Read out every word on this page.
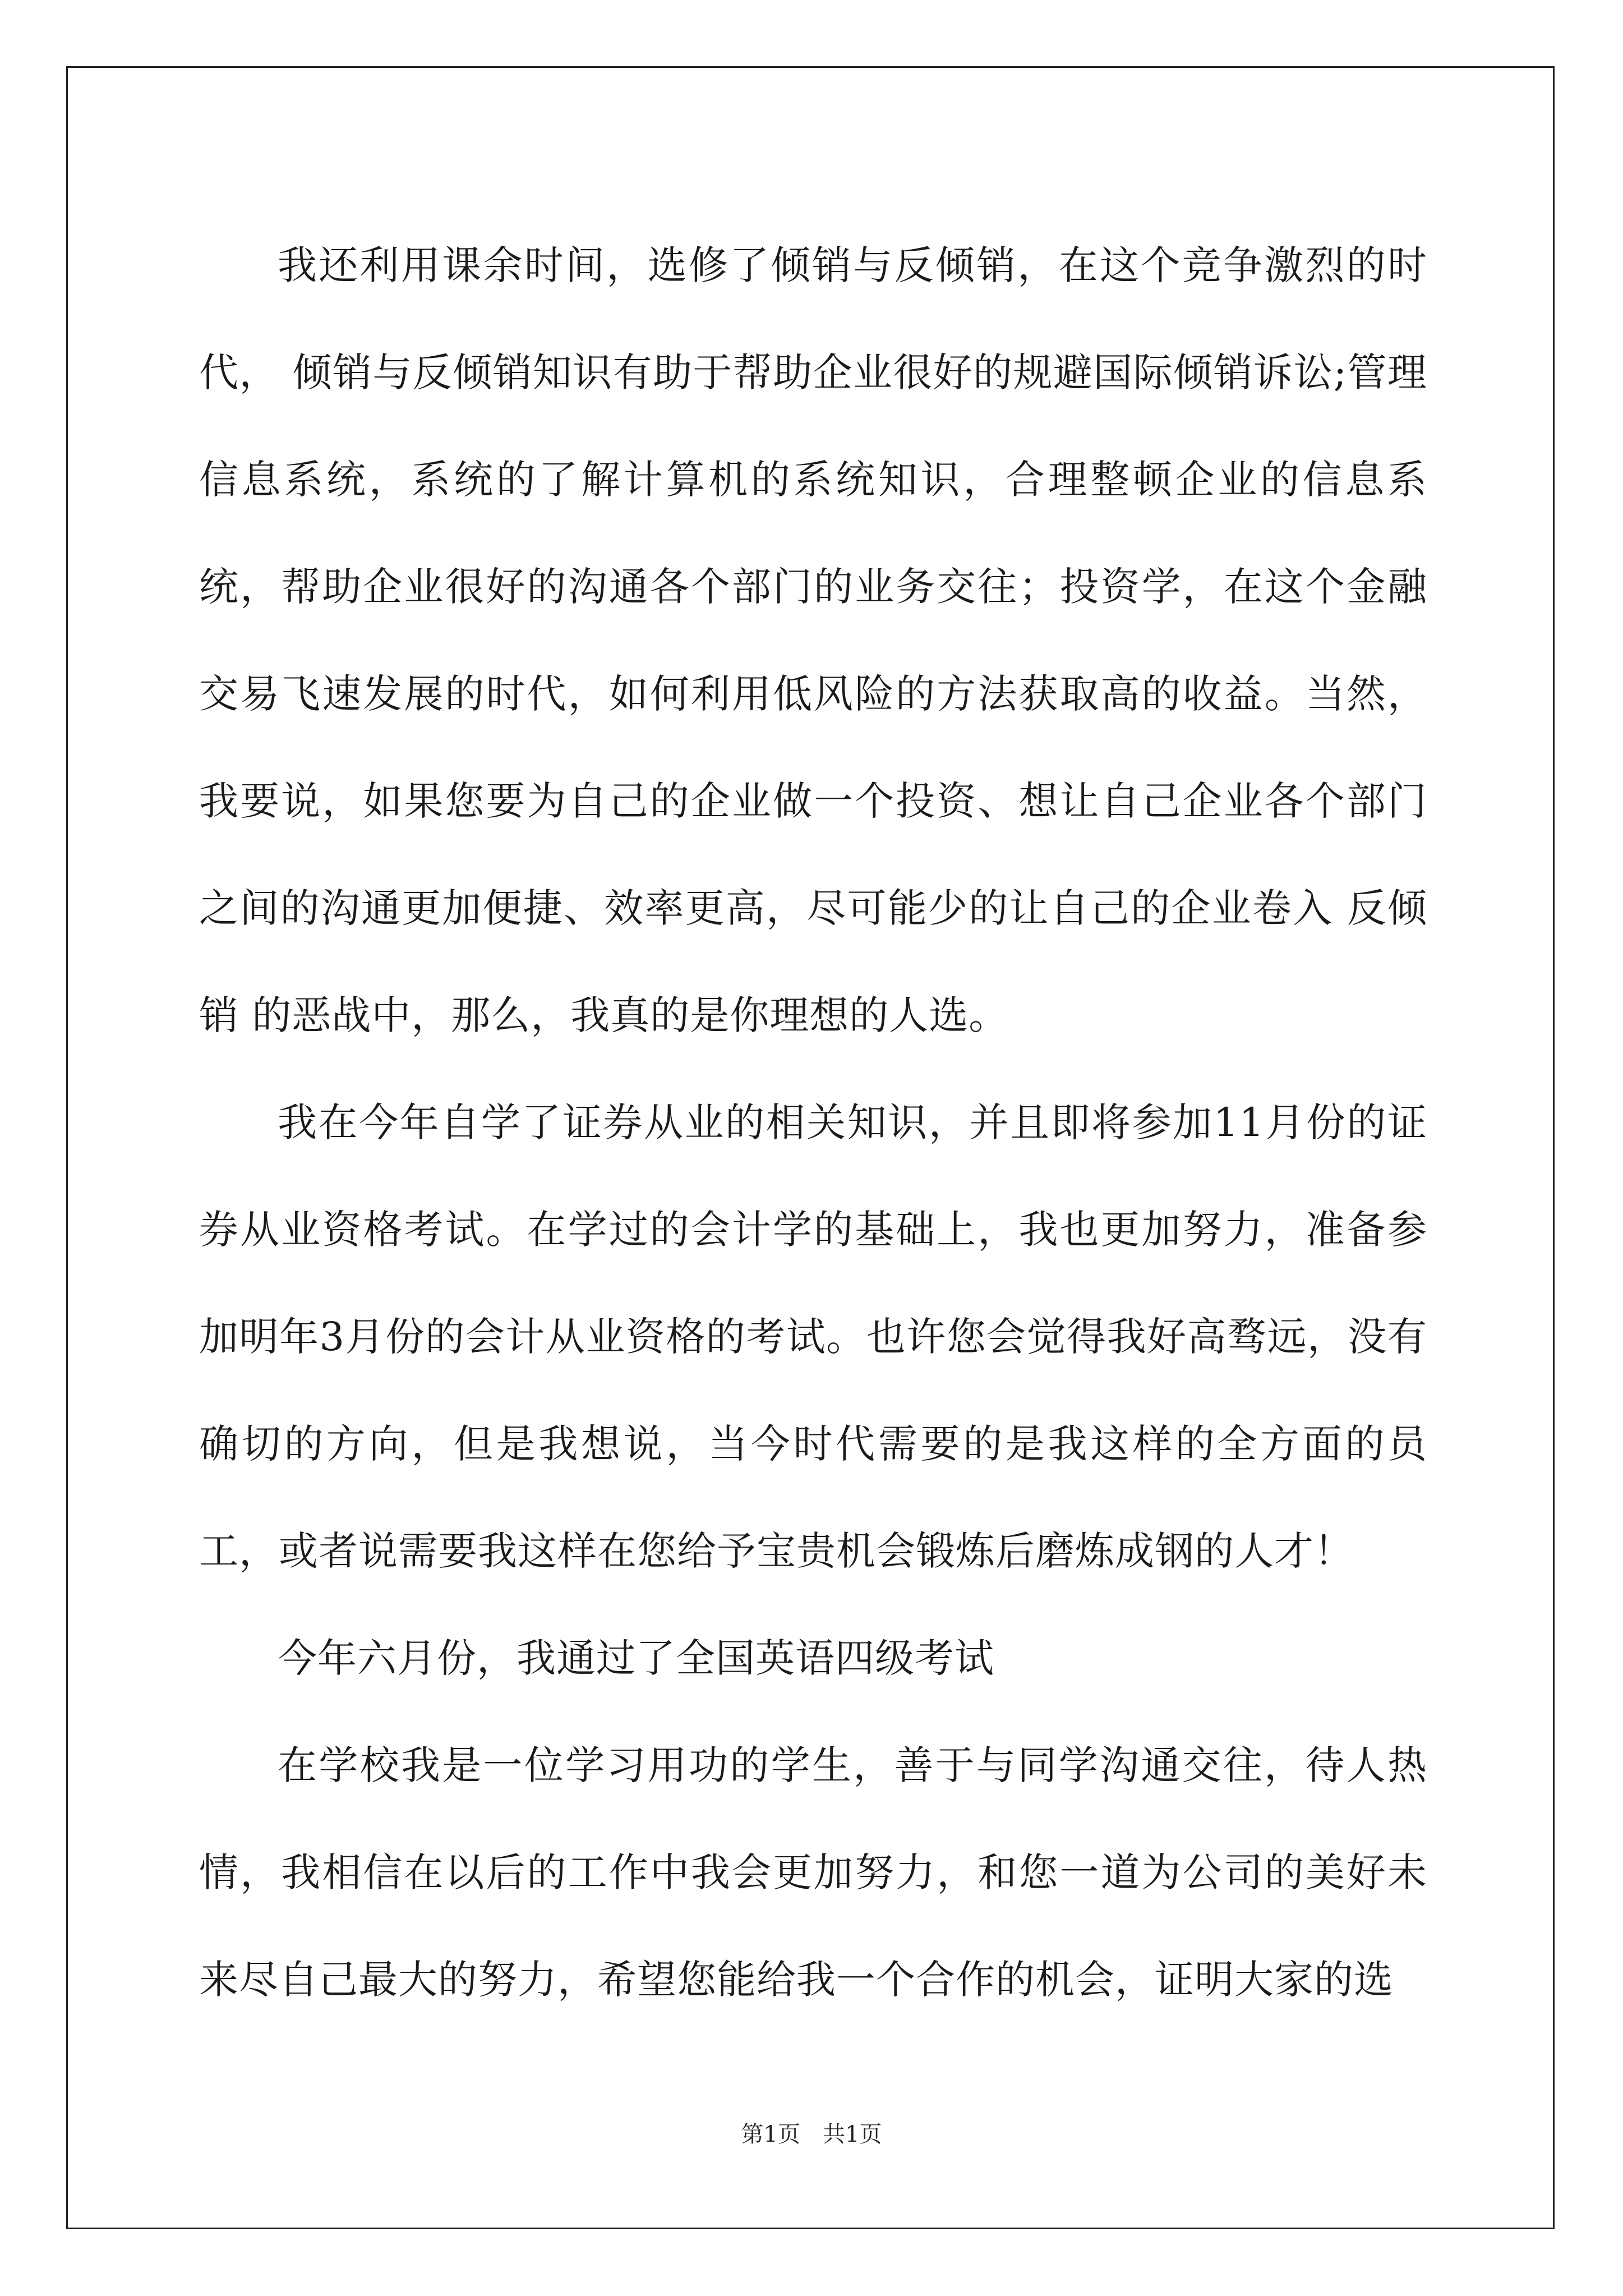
我还利用课余时间，选修了倾销与反倾销，在这个竞争激烈的时代， 倾销与反倾销知识有助于帮助企业很好的规避国际倾销诉讼;管理信息系统，系统的了解计算机的系统知识，合理整顿企业的信息系统，帮助企业很好的沟通各个部门的业务交往；投资学，在这个金融交易飞速发展的时代，如何利用低风险的方法获取高的收益。当然，我要说，如果您要为自己的企业做一个投资、想让自己企业各个部门之间的沟通更加便捷、效率更高，尽可能少的让自己的企业卷入 反倾销 的恶战中，那么，我真的是你理想的人选。

我在今年自学了证券从业的相关知识，并且即将参加11月份的证券从业资格考试。在学过的会计学的基础上，我也更加努力，准备参加明年3月份的会计从业资格的考试。也许您会觉得我好高骛远，没有确切的方向，但是我想说，当今时代需要的是我这样的全方面的员工，或者说需要我这样在您给予宝贵机会锻炼后磨炼成钢的人才！

今年六月份，我通过了全国英语四级考试

在学校我是一位学习用功的学生，善于与同学沟通交往，待人热情，我相信在以后的工作中我会更加努力，和您一道为公司的美好未来尽自己最大的努力，希望您能给我一个合作的机会，证明大家的选

第1页　共1页
